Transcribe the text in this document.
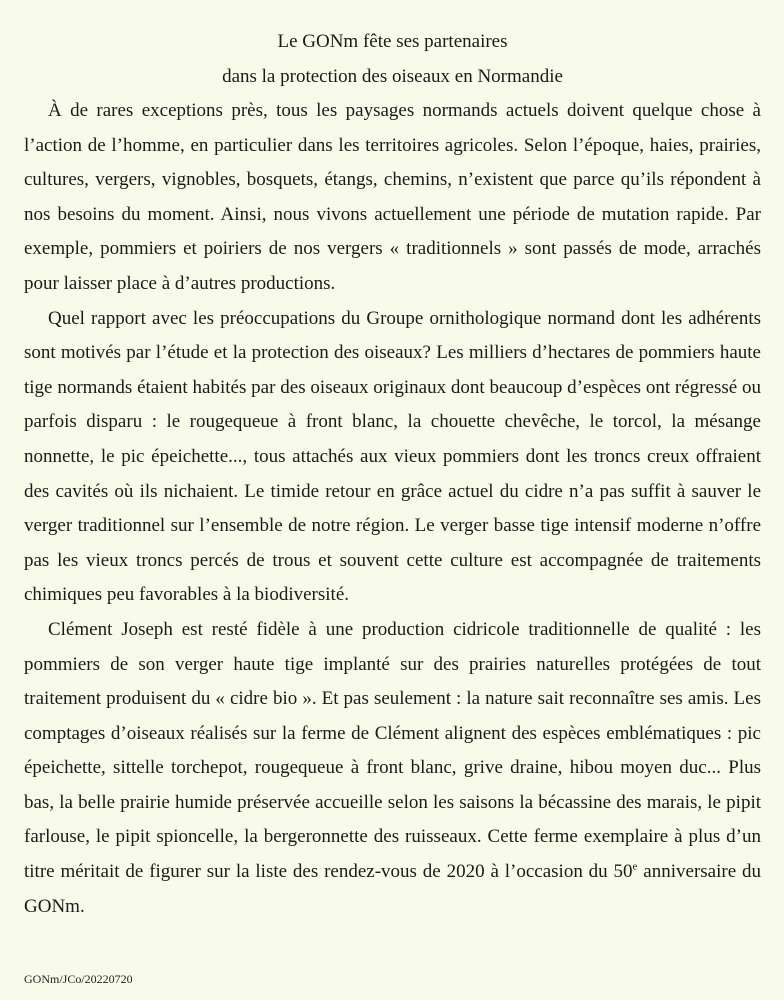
Le GONm fête ses partenaires

dans la protection des oiseaux en Normandie

À de rares exceptions près, tous les paysages normands actuels doivent quelque chose à l’action de l’homme, en particulier dans les territoires agricoles. Selon l’époque, haies, prairies, cultures, vergers, vignobles, bosquets, étangs, chemins, n’existent que parce qu’ils répondent à nos besoins du moment. Ainsi, nous vivons actuellement une période de mutation rapide. Par exemple, pommiers et poiriers de nos vergers « traditionnels » sont passés de mode, arrachés pour laisser place à d’autres productions.

Quel rapport avec les préoccupations du Groupe ornithologique normand dont les adhérents sont motivés par l’étude et la protection des oiseaux? Les milliers d’hectares de pommiers haute tige normands étaient habités par des oiseaux originaux dont beaucoup d’espèces ont régressé ou parfois disparu : le rougequeue à front blanc, la chouette chevêche, le torcol, la mésange nonnette, le pic épeichette..., tous attachés aux vieux pommiers dont les troncs creux offraient des cavités où ils nichaient. Le timide retour en grâce actuel du cidre n’a pas suffit à sauver le verger traditionnel sur l’ensemble de notre région. Le verger basse tige intensif moderne n’offre pas les vieux troncs percés de trous et souvent cette culture est accompagnée de traitements chimiques peu favorables à la biodiversité.

Clément Joseph est resté fidèle à une production cidricole traditionnelle de qualité : les pommiers de son verger haute tige implanté sur des prairies naturelles protégées de tout traitement produisent du « cidre bio ». Et pas seulement : la nature sait reconnaître ses amis. Les comptages d’oiseaux réalisés sur la ferme de Clément alignent des espèces emblématiques : pic épeichette, sittelle torchepot, rougequeue à front blanc, grive draine, hibou moyen duc... Plus bas, la belle prairie humide préservée accueille selon les saisons la bécassine des marais, le pipit farlouse, le pipit spioncelle, la bergeronnette des ruisseaux. Cette ferme exemplaire à plus d’un titre méritait de figurer sur la liste des rendez-vous de 2020 à l’occasion du 50e anniversaire du GONm.

GONm/JCo/20220720
